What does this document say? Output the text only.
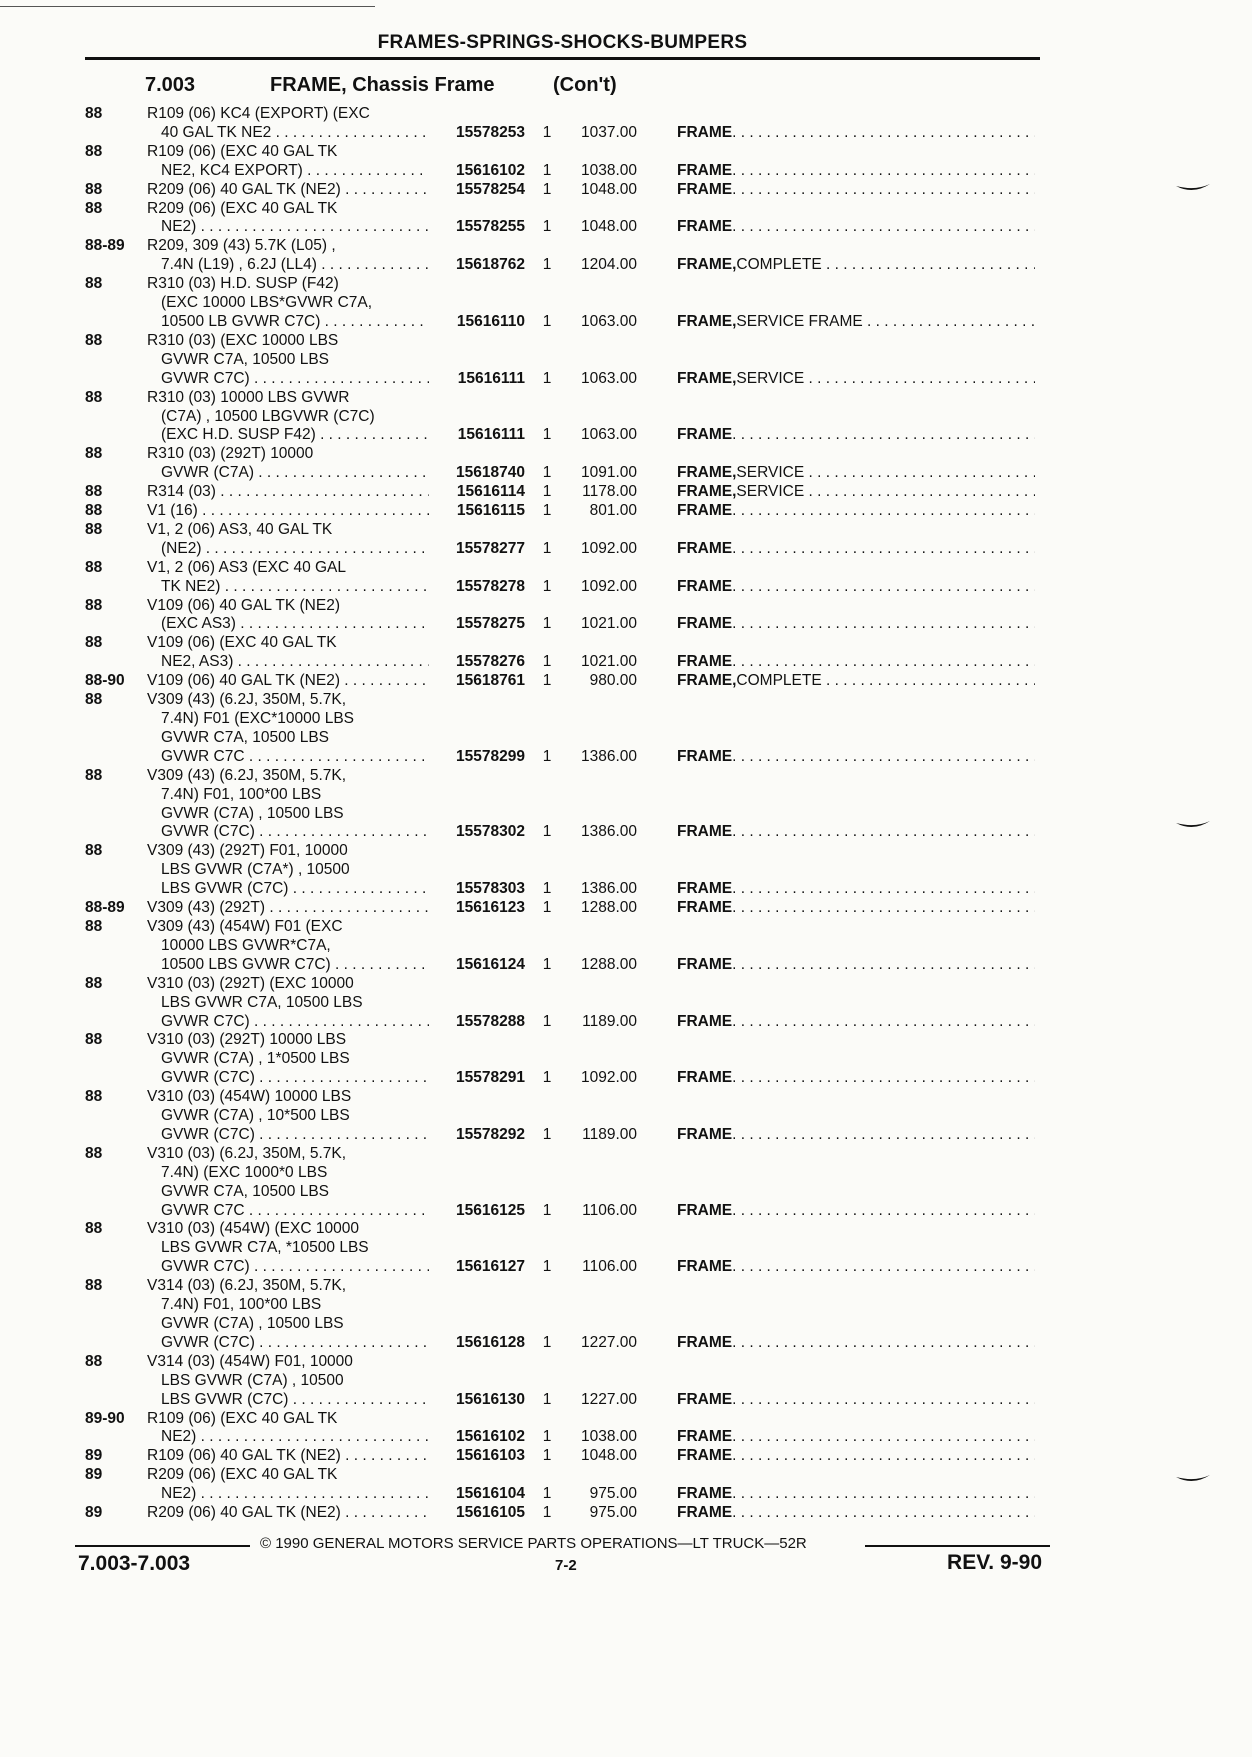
FRAMES-SPRINGS-SHOCKS-BUMPERS
7.003	FRAME, Chassis Frame	(Con't)
88	R109 (06) KC4 (EXPORT) (EXC
40 GAL TK NE2 . . .	15578253 1	1037.00	FRAME
. . .
88	R109 (06) (EXC 40 GAL TK
NE2, KC4 EXPORT) . . .	15616102 1	1038.00	FRAME
. . .
88	R209 (06) 40 GAL TK (NE2) . . .	15578254 1	1048.00	FRAME
. . .
88	R209 (06) (EXC 40 GAL TK
NE2) . . .	15578255 1	1048.00	FRAME
. . .
88-89 R209, 309 (43) 5.7K (L05) ,
7.4N (L19) , 6.2J (LL4) . . .	15618762 1	1204.00	FRAME, COMPLETE . . .
88	R310 (03) H.D. SUSP (F42)
(EXC 10000 LBS*GVWR C7A,
10500 LB GVWR C7C) . . .	15616110 1	1063.00	FRAME, SERVICE FRAME . . .
88	R310 (03) (EXC 10000 LBS
GVWR C7A, 10500 LBS
GVWR C7C) . . .	15616111 1	1063.00	FRAME, SERVICE . . .
88	R310 (03) 10000 LBS GVWR
(C7A) , 10500 LBGVWR (C7C)
(EXC H.D. SUSP F42) . . .	15616111 1	1063.00	FRAME
. . .
88	R310 (03) (292T) 10000
GVWR (C7A) . . .	15618740 1	1091.00	FRAME, SERVICE . . .
88	R314 (03) . . .	15616114 1	1178.00	FRAME, SERVICE . . .
88	V1 (16) . . .	15616115 1	801.00	FRAME
. . .
88	V1, 2 (06) AS3, 40 GAL TK
(NE2) . . .	15578277 1	1092.00	FRAME
. . .
88	V1, 2 (06) AS3 (EXC 40 GAL
TK NE2) . . .	15578278 1	1092.00	FRAME
. . .
88	V109 (06) 40 GAL TK (NE2)
(EXC AS3) . . .	15578275 1	1021.00	FRAME
. . .
88	V109 (06) (EXC 40 GAL TK
NE2, AS3) . . .	15578276 1	1021.00	FRAME
. . .
88-90 V109 (06) 40 GAL TK (NE2) . . .	15618761 1	980.00	FRAME, COMPLETE . . .
88	V309 (43) (6.2J, 350M, 5.7K,
7.4N) F01 (EXC*10000 LBS
GVWR C7A, 10500 LBS
GVWR C7C . . .	15578299 1	1386.00	FRAME
. . .
88	V309 (43) (6.2J, 350M, 5.7K,
7.4N) F01, 100*00 LBS
GVWR (C7A) , 10500 LBS
GVWR (C7C) . . .	15578302 1	1386.00	FRAME
. . .
88	V309 (43) (292T) F01, 10000
LBS GVWR (C7A*) , 10500
LBS GVWR (C7C) . . .	15578303 1	1386.00	FRAME
. . .
88-89 V309 (43) (292T) . . .	15616123 1	1288.00	FRAME
. . .
88	V309 (43) (454W) F01 (EXC
10000 LBS GVWR*C7A,
10500 LBS GVWR C7C) . . .	15616124 1	1288.00	FRAME
. . .
88	V310 (03) (292T) (EXC 10000
LBS GVWR C7A, 10500 LBS
GVWR C7C) . . .	15578288 1	1189.00	FRAME
. . .
88	V310 (03) (292T) 10000 LBS
GVWR (C7A) , 1*0500 LBS
GVWR (C7C) . . .	15578291 1	1092.00	FRAME
. . .
88	V310 (03) (454W) 10000 LBS
GVWR (C7A) , 10*500 LBS
GVWR (C7C) . . .	15578292 1	1189.00	FRAME
. . .
88	V310 (03) (6.2J, 350M, 5.7K,
7.4N) (EXC 1000*0 LBS
GVWR C7A, 10500 LBS
GVWR C7C . . .	15616125 1	1106.00	FRAME
. . .
88	V310 (03) (454W) (EXC 10000
LBS GVWR C7A, *10500 LBS
GVWR C7C) . . .	15616127 1	1106.00	FRAME
. . .
88	V314 (03) (6.2J, 350M, 5.7K,
7.4N) F01, 100*00 LBS
GVWR (C7A) , 10500 LBS
GVWR (C7C) . . .	15616128 1	1227.00	FRAME
. . .
88	V314 (03) (454W) F01, 10000
LBS GVWR (C7A) , 10500
LBS GVWR (C7C) . . .	15616130 1	1227.00	FRAME
. . .
89-90 R109 (06) (EXC 40 GAL TK
NE2) . . .	15616102 1	1038.00	FRAME
. . .
89	R109 (06) 40 GAL TK (NE2) . . .	15616103 1	1048.00	FRAME
. . .
89	R209 (06) (EXC 40 GAL TK
NE2) . . .	15616104 1	975.00	FRAME
. . .
89	R209 (06) 40 GAL TK (NE2) . . .	15616105 1	975.00	FRAME
. . .
© 1990 GENERAL MOTORS SERVICE PARTS OPERATIONS—LT TRUCK—52R
7.003-7.003	7-2	REV. 9-90
